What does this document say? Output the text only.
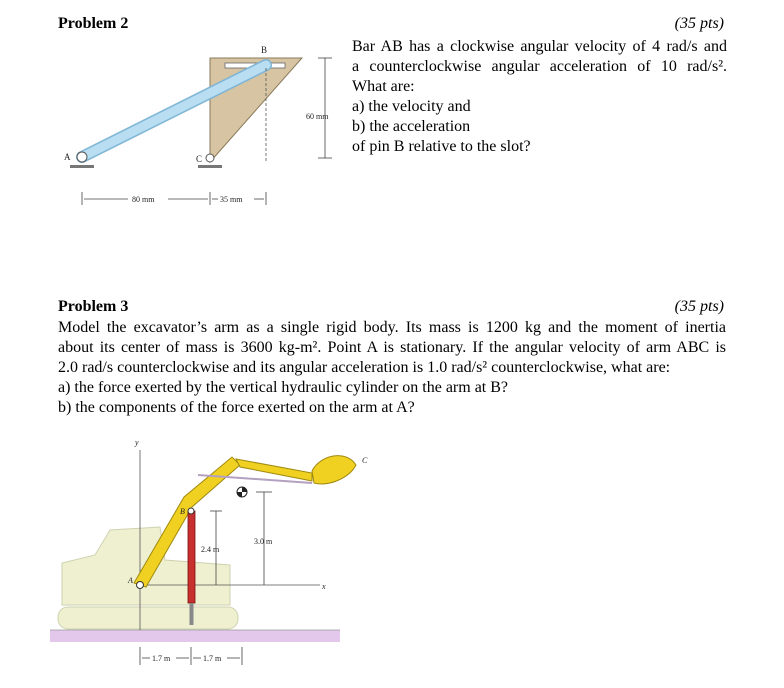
Problem 2	(35 pts)
Bar AB has a clockwise angular velocity of 4 rad/s and
a counterclockwise angular acceleration of 10 rad/s².
What are:
a) the velocity and
b) the acceleration
of pin B relative to the slot?
60 mm
A
B
C
80 mm	35 mm
Problem 3	(35 pts)
Model the excavator’s arm as a single rigid body. Its mass is 1200 kg and the moment of inertia
about its center of mass is 3600 kg-m². Point A is stationary. If the angular velocity of arm ABC is
2.0 rad/s counterclockwise and its angular acceleration is 1.0 rad/s² counterclockwise, what are:
a) the force exerted by the vertical hydraulic cylinder on the arm at B?
b) the components of the force exerted on the arm at A?
y
x
C
A
B
2.4 m
3.0 m
1.7 m	1.7 m
